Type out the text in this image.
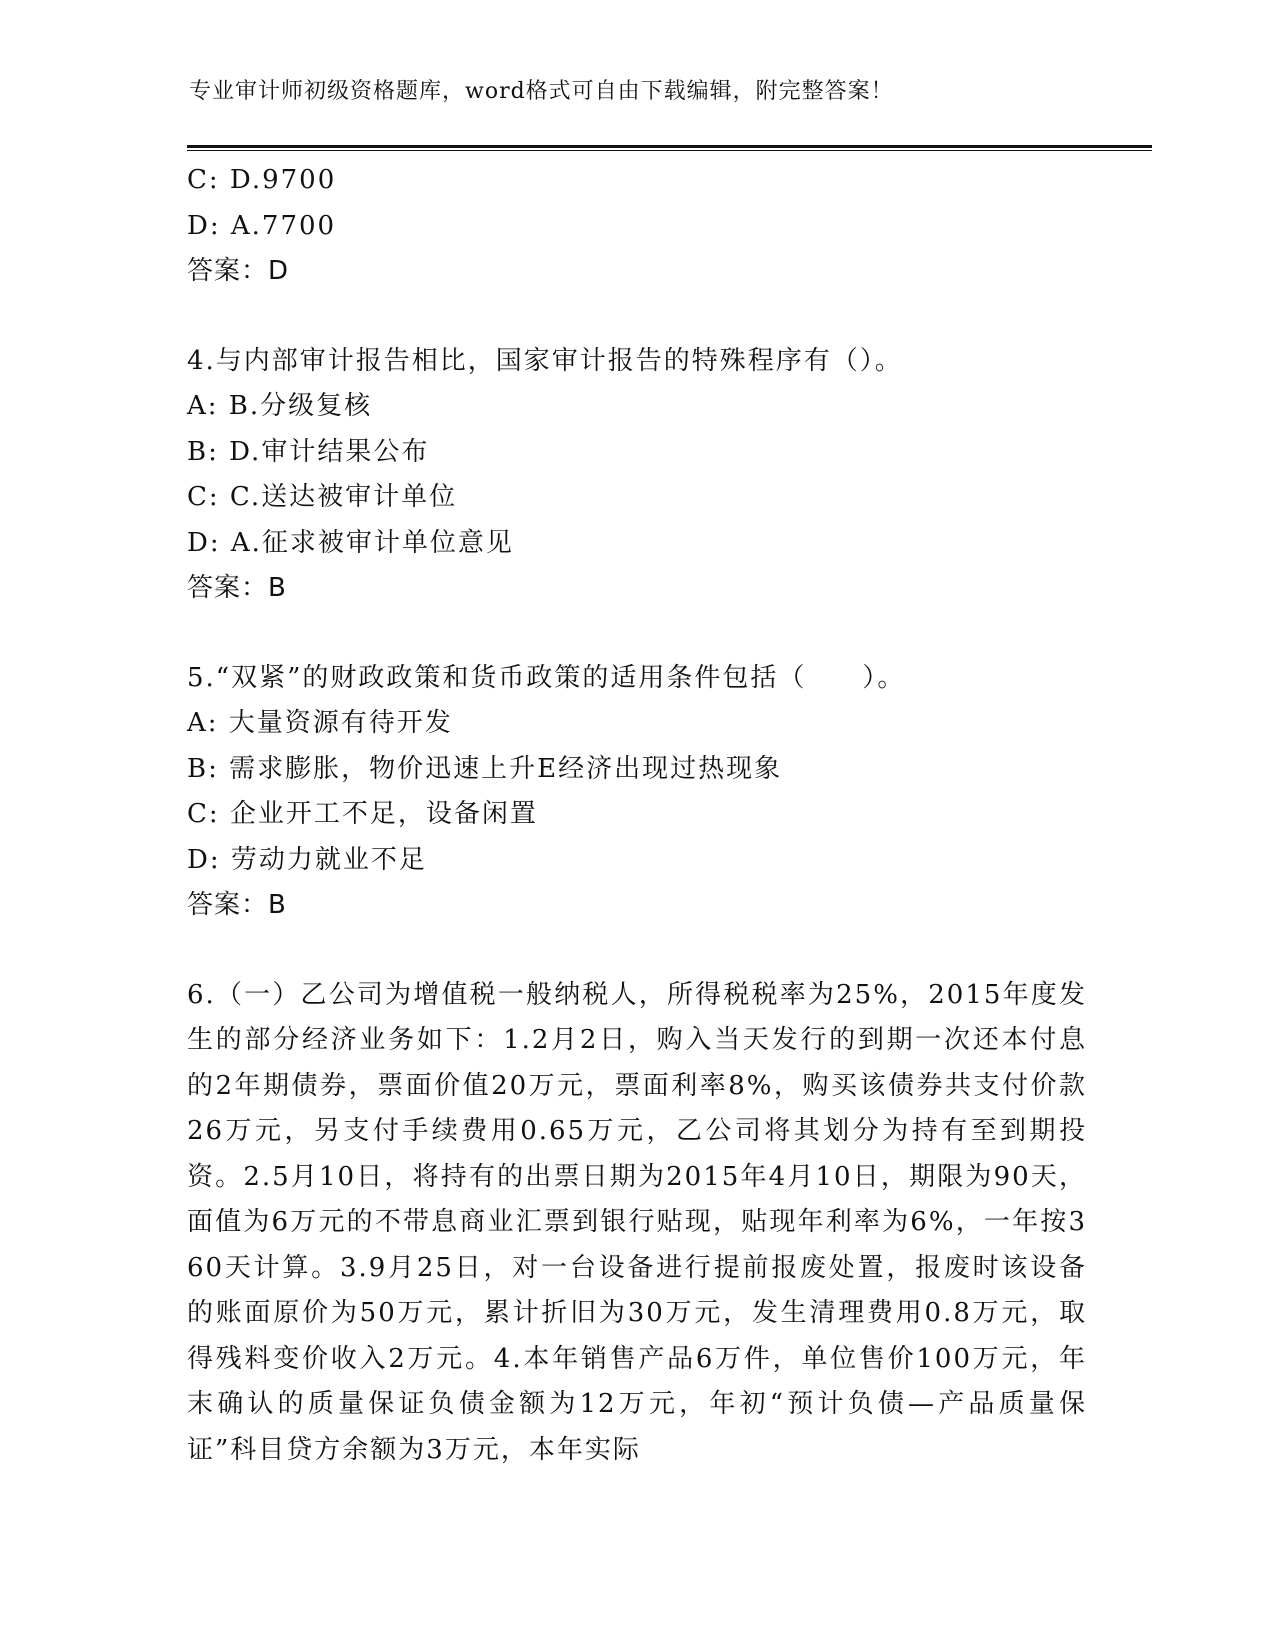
专业审计师初级资格题库，word格式可自由下载编辑，附完整答案！
C: D.9700
D: A.7700
答案：D
4.与内部审计报告相比，国家审计报告的特殊程序有（）。
A: B.分级复核
B: D.审计结果公布
C: C.送达被审计单位
D: A.征求被审计单位意见
答案：B
5.“双紧”的财政政策和货币政策的适用条件包括（　　）。
A: 大量资源有待开发
B: 需求膨胀，物价迅速上升E经济出现过热现象
C: 企业开工不足，设备闲置
D: 劳动力就业不足
答案：B
6.（一）乙公司为增值税一般纳税人，所得税税率为25%，2015年度发生的部分经济业务如下：1.2月2日，购入当天发行的到期一次还本付息的2年期债券，票面价值20万元，票面利率8%，购买该债券共支付价款26万元，另支付手续费用0.65万元，乙公司将其划分为持有至到期投资。2.5月10日，将持有的出票日期为2015年4月10日，期限为90天，面值为6万元的不带息商业汇票到银行贴现，贴现年利率为6%，一年按360天计算。3.9月25日，对一台设备进行提前报废处置，报废时该设备的账面原价为50万元，累计折旧为30万元，发生清理费用0.8万元，取得残料变价收入2万元。4.本年销售产品6万件，单位售价100万元，年末确认的质量保证负债金额为12万元，年初“预计负债—产品质量保证”科目贷方余额为3万元，本年实际
